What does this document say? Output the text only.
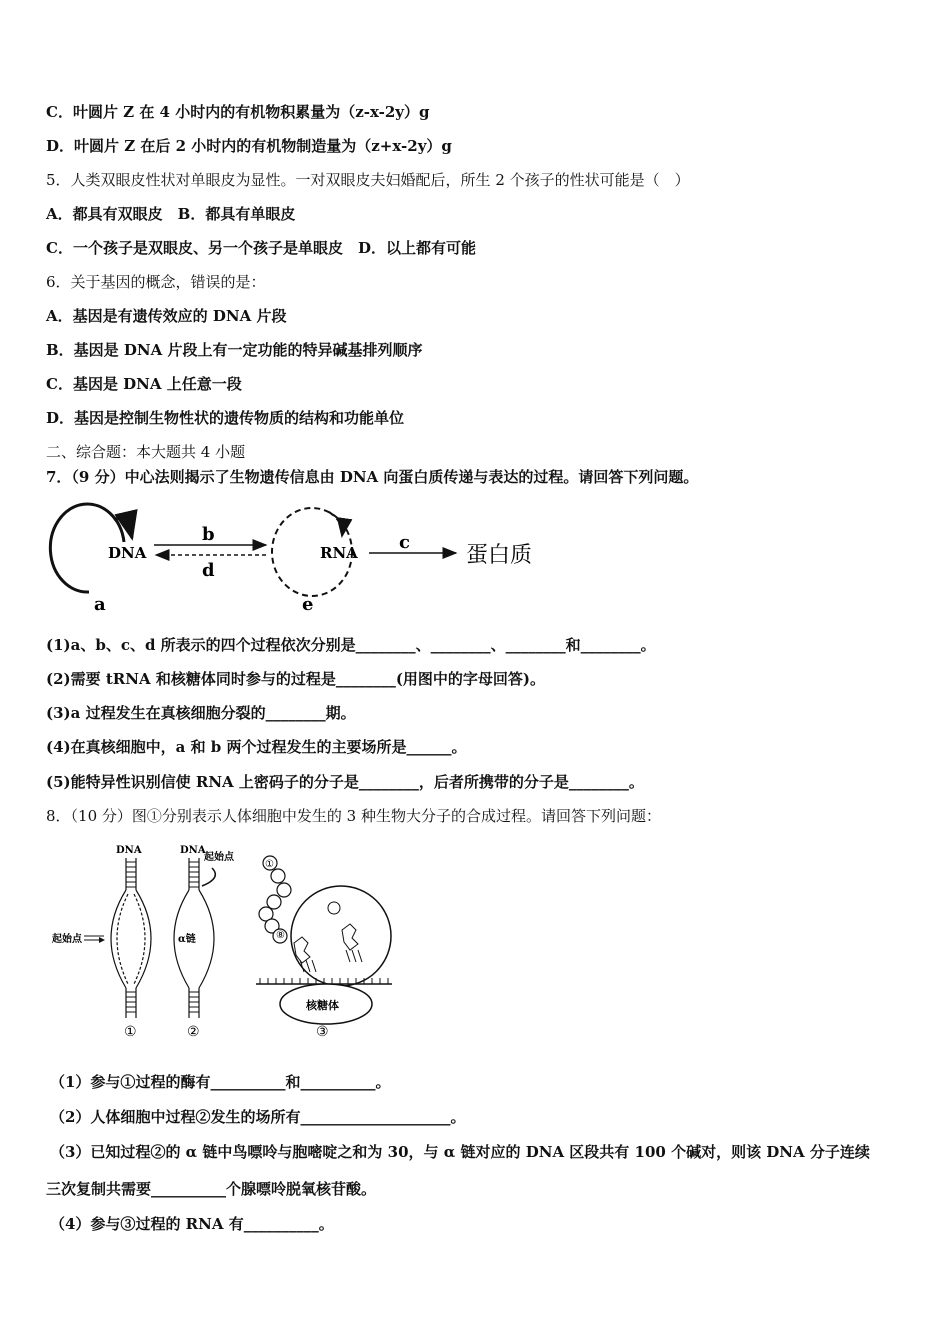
C．叶圆片 Z 在 4 小时内的有机物积累量为（z-x-2y）g
D．叶圆片 Z 在后 2 小时内的有机物制造量为（z+x-2y）g
5．人类双眼皮性状对单眼皮为显性。一对双眼皮夫妇婚配后，所生 2 个孩子的性状可能是（　）
A．都具有双眼皮　B．都具有单眼皮
C．一个孩子是双眼皮、另一个孩子是单眼皮　D．以上都有可能
6．关于基因的概念，错误的是：
A．基因是有遗传效应的 DNA 片段
B．基因是 DNA 片段上有一定功能的特异碱基排列顺序
C．基因是 DNA 上任意一段
D．基因是控制生物性状的遗传物质的结构和功能单位
二、综合题：本大题共 4 小题
7．（9 分）中心法则揭示了生物遗传信息由 DNA 向蛋白质传递与表达的过程。请回答下列问题。
DNA
a
b
d
RNA
e
c
蛋白质
(1)a、b、c、d 所表示的四个过程依次分别是________、________、________和________。
(2)需要 tRNA 和核糖体同时参与的过程是________(用图中的字母回答)。
(3)a 过程发生在真核细胞分裂的________期。
(4)在真核细胞中，a 和 b 两个过程发生的主要场所是______。
(5)能特异性识别信使 RNA 上密码子的分子是________，后者所携带的分子是________。
8．（10 分）图①分别表示人体细胞中发生的 3 种生物大分子的合成过程。请回答下列问题：
DNA
起始点
①
DNA
起始点
α链
②
①
⑧
核糖体
③
（1）参与①过程的酶有__________和__________。
（2）人体细胞中过程②发生的场所有____________________。
（3）已知过程②的 α 链中鸟嘌呤与胞嘧啶之和为 30，与 α 链对应的 DNA 区段共有 100 个碱对，则该 DNA 分子连续
三次复制共需要__________个腺嘌呤脱氧核苷酸。
（4）参与③过程的 RNA 有__________。
